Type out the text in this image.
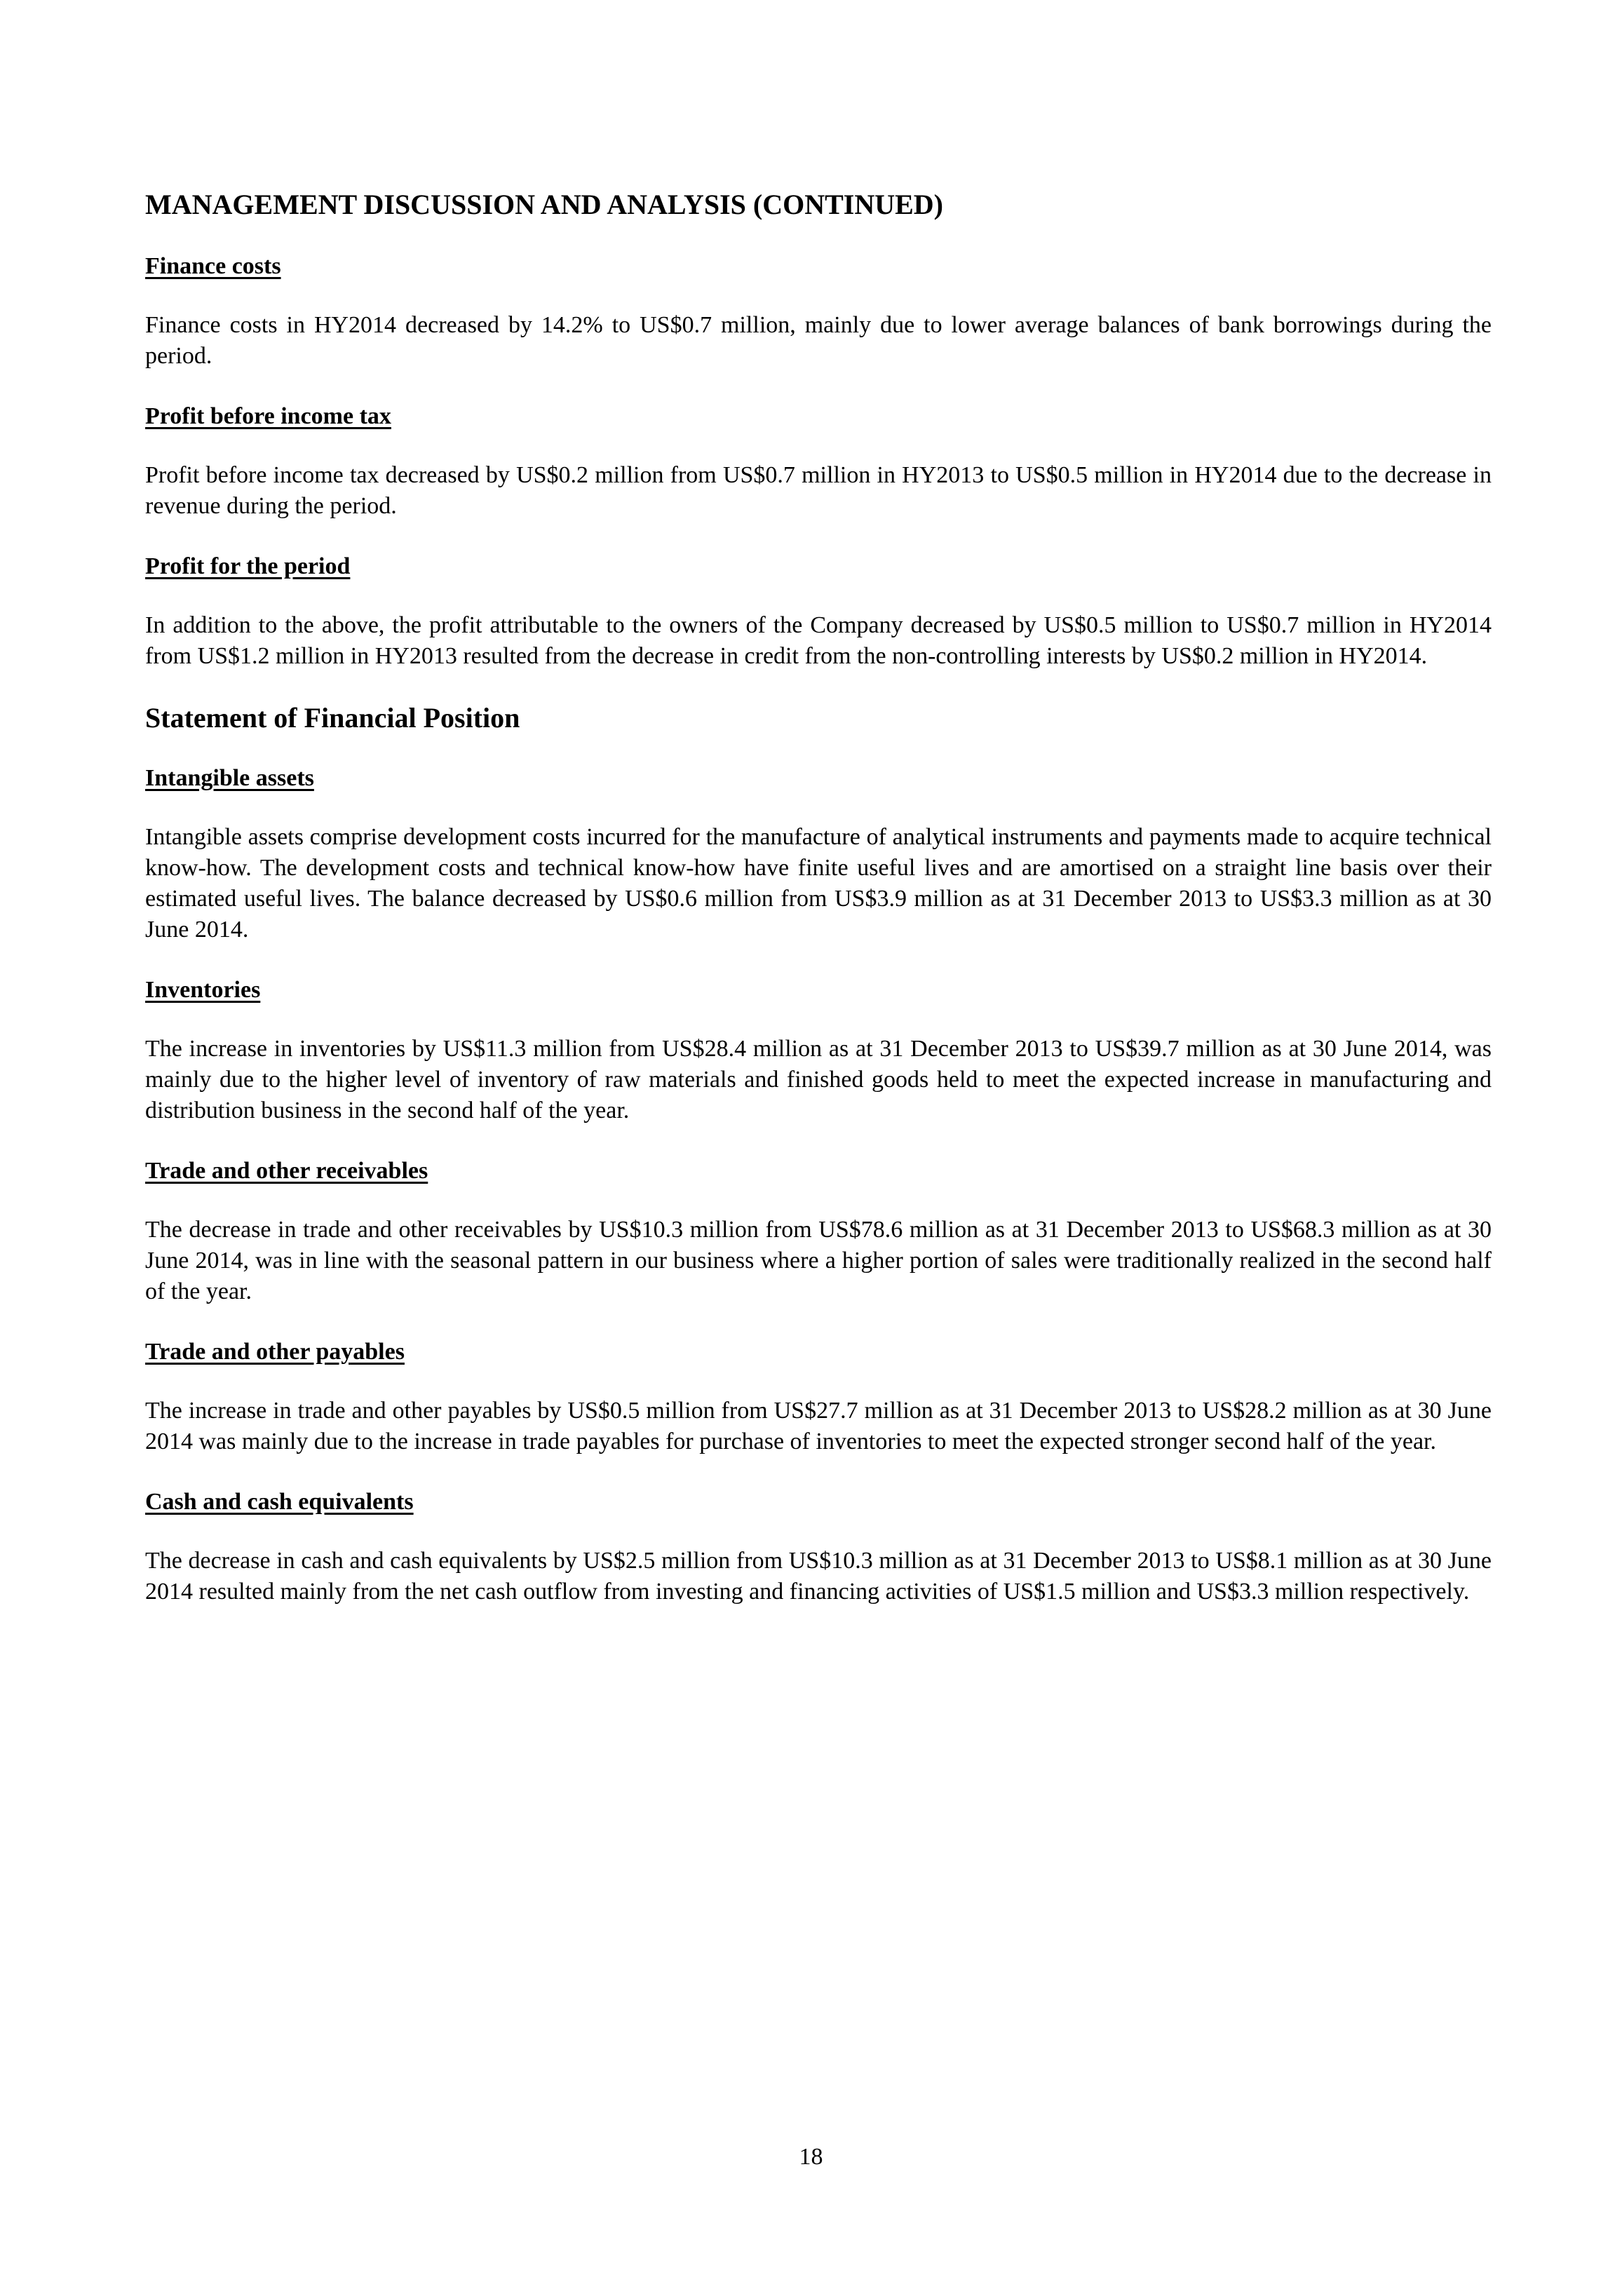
MANAGEMENT DISCUSSION AND ANALYSIS (CONTINUED)
Finance costs

Finance costs in HY2014 decreased by 14.2% to US$0.7 million, mainly due to lower average balances of bank borrowings during the period.

Profit before income tax

Profit before income tax decreased by US$0.2 million from US$0.7 million in HY2013 to US$0.5 million in HY2014 due to the decrease in revenue during the period.

Profit for the period

In addition to the above, the profit attributable to the owners of the Company decreased by US$0.5 million to US$0.7 million in HY2014 from US$1.2 million in HY2013 resulted from the decrease in credit from the non-controlling interests by US$0.2 million in HY2014.

Statement of Financial Position
Intangible assets

Intangible assets comprise development costs incurred for the manufacture of analytical instruments and payments made to acquire technical know-how. The development costs and technical know-how have finite useful lives and are amortised on a straight line basis over their estimated useful lives. The balance decreased by US$0.6 million from US$3.9 million as at 31 December 2013 to US$3.3 million as at 30 June 2014.

Inventories

The increase in inventories by US$11.3 million from US$28.4 million as at 31 December 2013 to US$39.7 million as at 30 June 2014, was mainly due to the higher level of inventory of raw materials and finished goods held to meet the expected increase in manufacturing and distribution business in the second half of the year.

Trade and other receivables

The decrease in trade and other receivables by US$10.3 million from US$78.6 million as at 31 December 2013 to US$68.3 million as at 30 June 2014, was in line with the seasonal pattern in our business where a higher portion of sales were traditionally realized in the second half of the year.

Trade and other payables

The increase in trade and other payables by US$0.5 million from US$27.7 million as at 31 December 2013 to US$28.2 million as at 30 June 2014 was mainly due to the increase in trade payables for purchase of inventories to meet the expected stronger second half of the year.

Cash and cash equivalents

The decrease in cash and cash equivalents by US$2.5 million from US$10.3 million as at 31 December 2013 to US$8.1 million as at 30 June 2014 resulted mainly from the net cash outflow from investing and financing activities of US$1.5 million and US$3.3 million respectively.

18
